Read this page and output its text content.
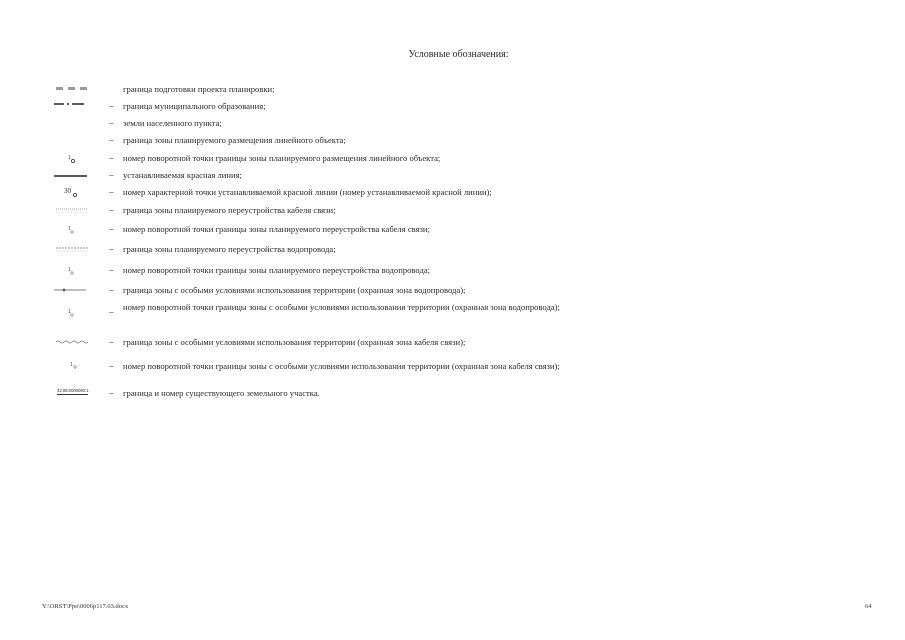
Условные обозначения:
граница подготовки проекта планировки;
– граница муниципального образования;
– земли населенного пункта;
– граница зоны планируемого размещения линейного объекта;
1	– номер поворотной точки границы зоны планируемого размещения линейного объекта;
– устанавливаемая красная линия;
30	– номер характерной точки устанавливаемой красной линии (номер устанавливаемой красной линии);
– граница зоны планируемого переустройства кабеля связи;
1	– номер поворотной точки границы зоны планируемого переустройства кабеля связи;
– граница зоны планируемого переустройства водопровода;
1	– номер поворотной точки границы зоны планируемого переустройства водопровода;
– граница зоны с особыми условиями использования территории (охранная зона водопровода);
1	– номер поворотной точки границы зоны с особыми условиями использования территории (охранная зона водопровода);
– граница зоны с особыми условиями использования территории (охранная зона кабеля связи);
1	– номер поворотной точки границы зоны с особыми условиями использования территории (охранная зона кабеля связи);
42:08:0000000:1 – граница и номер существующего земельного участка.
Y:\ORST\Ppo\0006p117.03.docx	64
